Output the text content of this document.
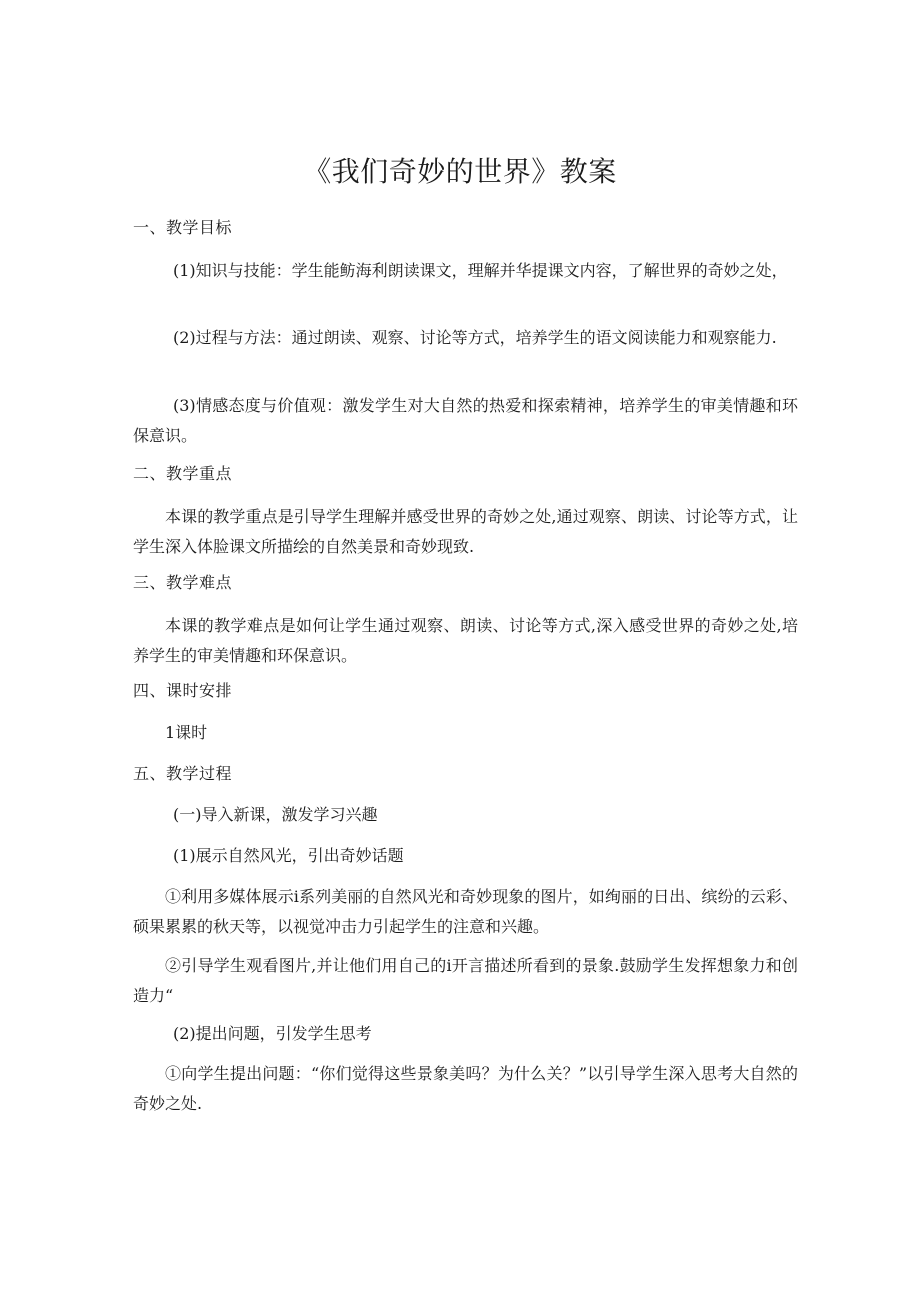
《我们奇妙的世界》教案

一、教学目标

(1)知识与技能：学生能鲂海利朗读课文，理解并华提课文内容，了解世界的奇妙之处，

(2)过程与方法：通过朗读、观察、讨论等方式，培养学生的语文阅读能力和观察能力.

(3)情感态度与价值观：激发学生对大自然的热爱和探索精神，培养学生的审美情趣和环保意识。

二、教学重点

本课的教学重点是引导学生理解并感受世界的奇妙之处,通过观察、朗读、讨论等方式，让学生深入体脸课文所描绘的自然美景和奇妙现致.

三、教学难点

本课的教学难点是如何让学生通过观察、朗读、讨论等方式,深入感受世界的奇妙之处,培养学生的审美情趣和环保意识。

四、课时安排

1课时

五、教学过程

(一)导入新课，激发学习兴趣

(1)展示自然风光，引出奇妙话题

①利用多媒体展示i系列美丽的自然风光和奇妙现象的图片，如绚丽的日出、缤纷的云彩、硕果累累的秋天等，以视觉冲击力引起学生的注意和兴趣。

②引导学生观看图片,并让他们用自己的i开言描述所看到的景象.鼓励学生发挥想象力和创造力“

(2)提出问题，引发学生思考

①向学生提出问题：“你们觉得这些景象美吗？为什么关？”以引导学生深入思考大自然的奇妙之处.
